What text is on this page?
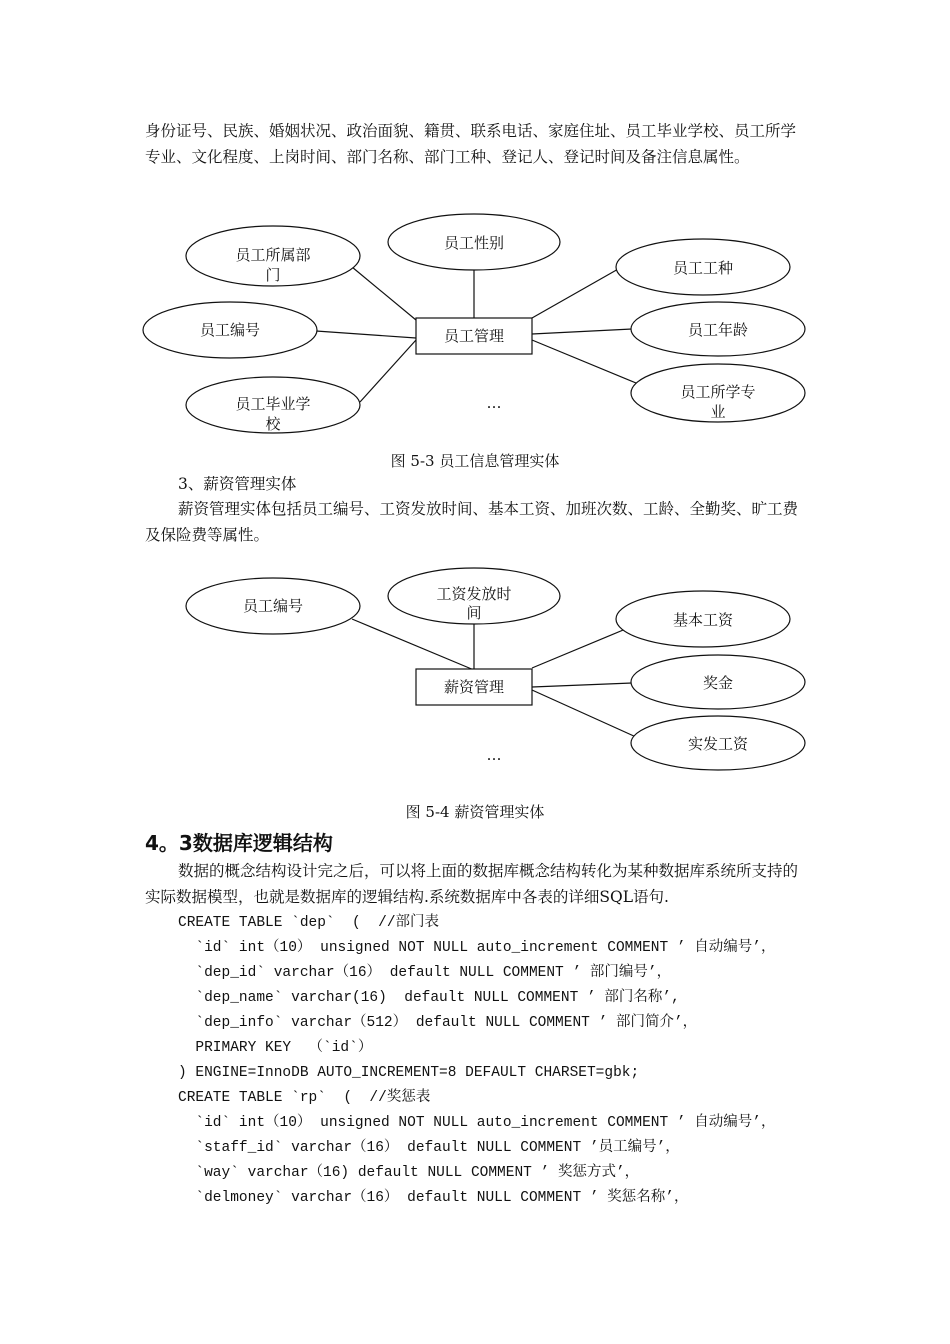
身份证号、民族、婚姻状况、政治面貌、籍贯、联系电话、家庭住址、员工毕业学校、员工所学专业、文化程度、上岗时间、部门名称、部门工种、登记人、登记时间及备注信息属性。

员工所属部
门
员工性别
员工工种
员工编号	员工年龄
员工毕业学
校
员工所学专
业
员工管理
…
图 5-3 员工信息管理实体
3、薪资管理实体

薪资管理实体包括员工编号、工资发放时间、基本工资、加班次数、工龄、全勤奖、旷工费及保险费等属性。

员工编号
工资发放时
间	基本工资
奖金
实发工资
薪资管理
…
图 5-4 薪资管理实体
4。3数据库逻辑结构

数据的概念结构设计完之后，可以将上面的数据库概念结构转化为某种数据库系统所支持的实际数据模型，也就是数据库的逻辑结构.系统数据库中各表的详细SQL语句.

CREATE TABLE `dep`  (  //部门表
`id` int（10） unsigned NOT NULL auto_increment COMMENT ’ 自动编号’，
`dep_id` varchar（16） default NULL COMMENT ’ 部门编号’，
`dep_name` varchar(16)  default NULL COMMENT ’ 部门名称’,
`dep_info` varchar（512） default NULL COMMENT ’ 部门简介’，
PRIMARY KEY  （`id`）
) ENGINE=InnoDB AUTO_INCREMENT=8 DEFAULT CHARSET=gbk;
CREATE TABLE `rp`  (  //奖惩表
`id` int（10） unsigned NOT NULL auto_increment COMMENT ’ 自动编号’，
`staff_id` varchar（16） default NULL COMMENT ’员工编号’，
`way` varchar（16) default NULL COMMENT ’ 奖惩方式’，
`delmoney` varchar（16） default NULL COMMENT ’ 奖惩名称’，
